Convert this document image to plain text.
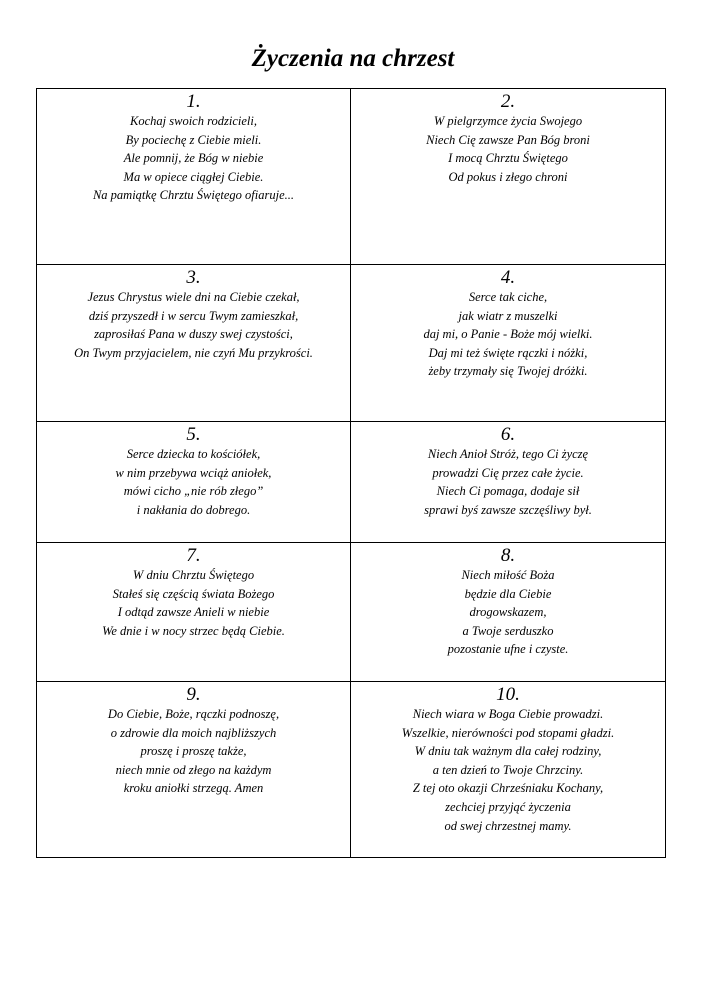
Życzenia na chrzest
1.
Kochaj swoich rodzicieli,
By pociechę z Ciebie mieli.
Ale pomnij, że Bóg w niebie
Ma w opiece ciągłej Ciebie.
Na pamiątkę Chrztu Świętego ofiaruje...
2.
W pielgrzymce życia Swojego
Niech Cię zawsze Pan Bóg broni
I mocą Chrztu Świętego
Od pokus i złego chroni
3.
Jezus Chrystus wiele dni na Ciebie czekał,
dziś przyszedł i w sercu Twym zamieszkał,
zaprosiłaś Pana w duszy swej czystości,
On Twym przyjacielem, nie czyń Mu przykrości.
4.
Serce tak ciche,
jak wiatr z muszelki
daj mi, o Panie - Boże mój wielki.
Daj mi też święte rączki i nóżki,
żeby trzymały się Twojej dróżki.
5.
Serce dziecka to kościółek,
w nim przebywa wciąż aniołek,
mówi cicho „nie rób złego”
i nakłania do dobrego.
6.
Niech Anioł Stróż, tego Ci życzę
prowadzi Cię przez całe życie.
Niech Ci pomaga, dodaje sił
sprawi byś zawsze szczęśliwy był.
7.
W dniu Chrztu Świętego
Stałeś się częścią świata Bożego
I odtąd zawsze Anieli w niebie
We dnie i w nocy strzec będą Ciebie.
8.
Niech miłość Boża
będzie dla Ciebie
drogowskazem,
a Twoje serduszko
pozostanie ufne i czyste.
9.
Do Ciebie, Boże, rączki podnoszę,
o zdrowie dla moich najbliższych
proszę i proszę także,
niech mnie od złego na każdym
kroku aniołki strzegą. Amen
10.
Niech wiara w Boga Ciebie prowadzi.
Wszelkie, nierówności pod stopami gładzi.
W dniu tak ważnym dla całej rodziny,
a ten dzień to Twoje Chrzciny.
Z tej oto okazji Chrześniaku Kochany,
zechciej przyjąć życzenia
od swej chrzestnej mamy.
